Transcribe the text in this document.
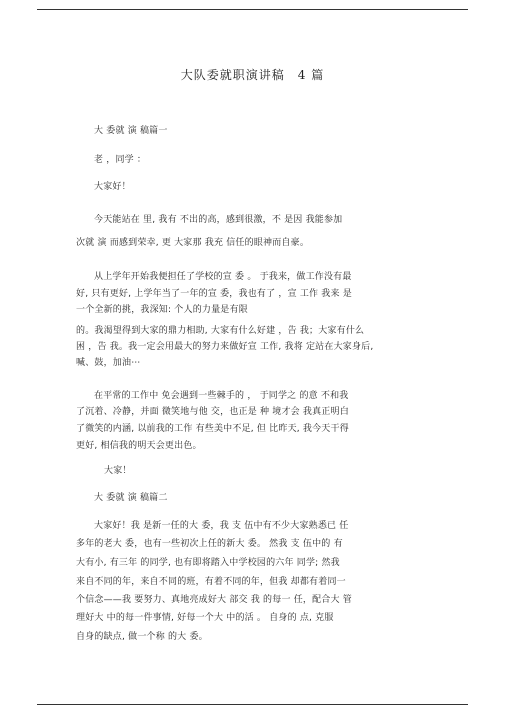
大队委就职演讲稿　4 篇
大 委就 演 稿篇一
老 ，同学 ：
大家好！
今天能站在 里, 我有 不出的高，感到很激，不 是因 我能参加
次就 演 而感到荣幸, 更 大家那 我充 信任的眼神而自豪。
从上学年开始我便担任了学校的宣 委 。 于我来，做工作没有最
好, 只有更好, 上学年当了一年的宣 委，我也有了 ，宣 工作 我来 是
一个全新的挑，我深知: 个人的力量是有限
的。我渴望得到大家的鼎力相助, 大家有什么好建 ，告 我；大家有什么
困 ，告 我。我一定会用最大的努力来做好宣 工作, 我将 定站在大家身后,
喊、鼓，加油⋯
在平常的工作中 免会遇到一些棘手的 ， 于同学之 的意 不和我
了沉着、冷静，并面 微笑地与他 交，也正是 种 境才会 我真正明白
了微笑的内涵, 以前我的工作 有些美中不足, 但 比昨天, 我今天干得
更好, 相信我的明天会更出色。
大家！
大 委就 演 稿篇二
大家好！我 是新一任的大 委，我 支 伍中有不少大家熟悉已 任
多年的老大 委，也有一些初次上任的新大 委。 然我 支 伍中的 有
大有小, 有三年 的同学, 也有即将踏入中学校园的六年 同学; 然我
来自不同的年，来自不同的班，有着不同的年，但我 却都有着同一
个信念——我 要努力、真地亮成好大 部交 我 的每一 任，配合大 管
理好大 中的每一件事情, 好每一个大 中的活 。 自身的 点, 克服
自身的缺点, 做一个称 的大 委。
